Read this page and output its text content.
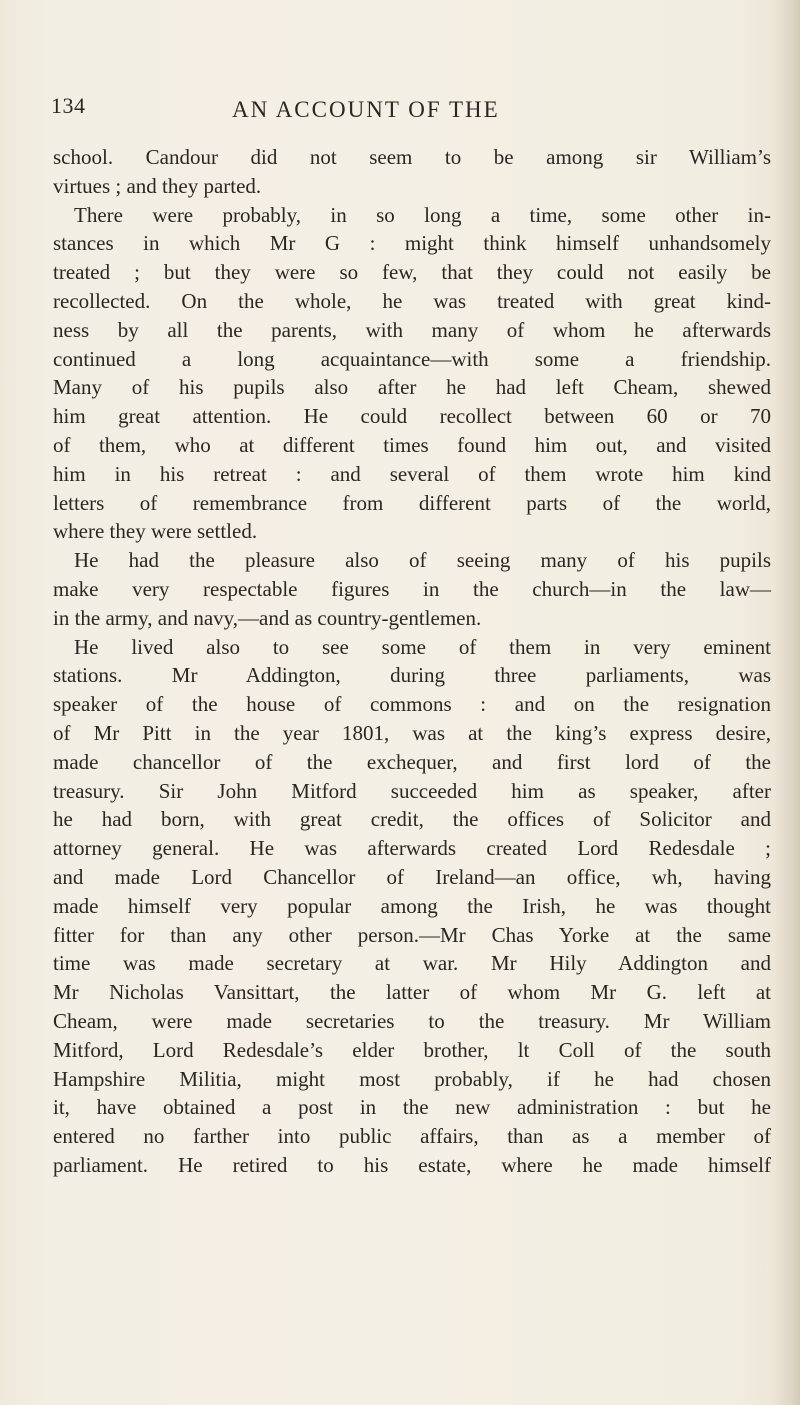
134	AN ACCOUNT OF THE
school. Candour did not seem to be among sir William’s
virtues ; and they parted.
There were probably, in so long a time, some other in-
stances in which Mr G : might think himself unhandsomely
treated ; but they were so few, that they could not easily be
recollected. On the whole, he was treated with great kind-
ness by all the parents, with many of whom he afterwards
continued a long acquaintance—with some a friendship.
Many of his pupils also after he had left Cheam, shewed
him great attention. He could recollect between 60 or 70
of them, who at different times found him out, and visited
him in his retreat : and several of them wrote him kind
letters of remembrance from different parts of the world,
where they were settled.
He had the pleasure also of seeing many of his pupils
make very respectable figures in the church—in the law—
in the army, and navy,—and as country-gentlemen.
He lived also to see some of them in very eminent
stations. Mr Addington, during three parliaments, was
speaker of the house of commons : and on the resignation
of Mr Pitt in the year 1801, was at the king’s express desire,
made chancellor of the exchequer, and first lord of the
treasury. Sir John Mitford succeeded him as speaker, after
he had born, with great credit, the offices of Solicitor and
attorney general. He was afterwards created Lord Redesdale ;
and made Lord Chancellor of Ireland—an office, wh, having
made himself very popular among the Irish, he was thought
fitter for than any other person.—Mr Chas Yorke at the same
time was made secretary at war. Mr Hily Addington and
Mr Nicholas Vansittart, the latter of whom Mr G. left at
Cheam, were made secretaries to the treasury. Mr William
Mitford, Lord Redesdale’s elder brother, lt Coll of the south
Hampshire Militia, might most probably, if he had chosen
it, have obtained a post in the new administration : but he
entered no farther into public affairs, than as a member of
parliament. He retired to his estate, where he made himself
